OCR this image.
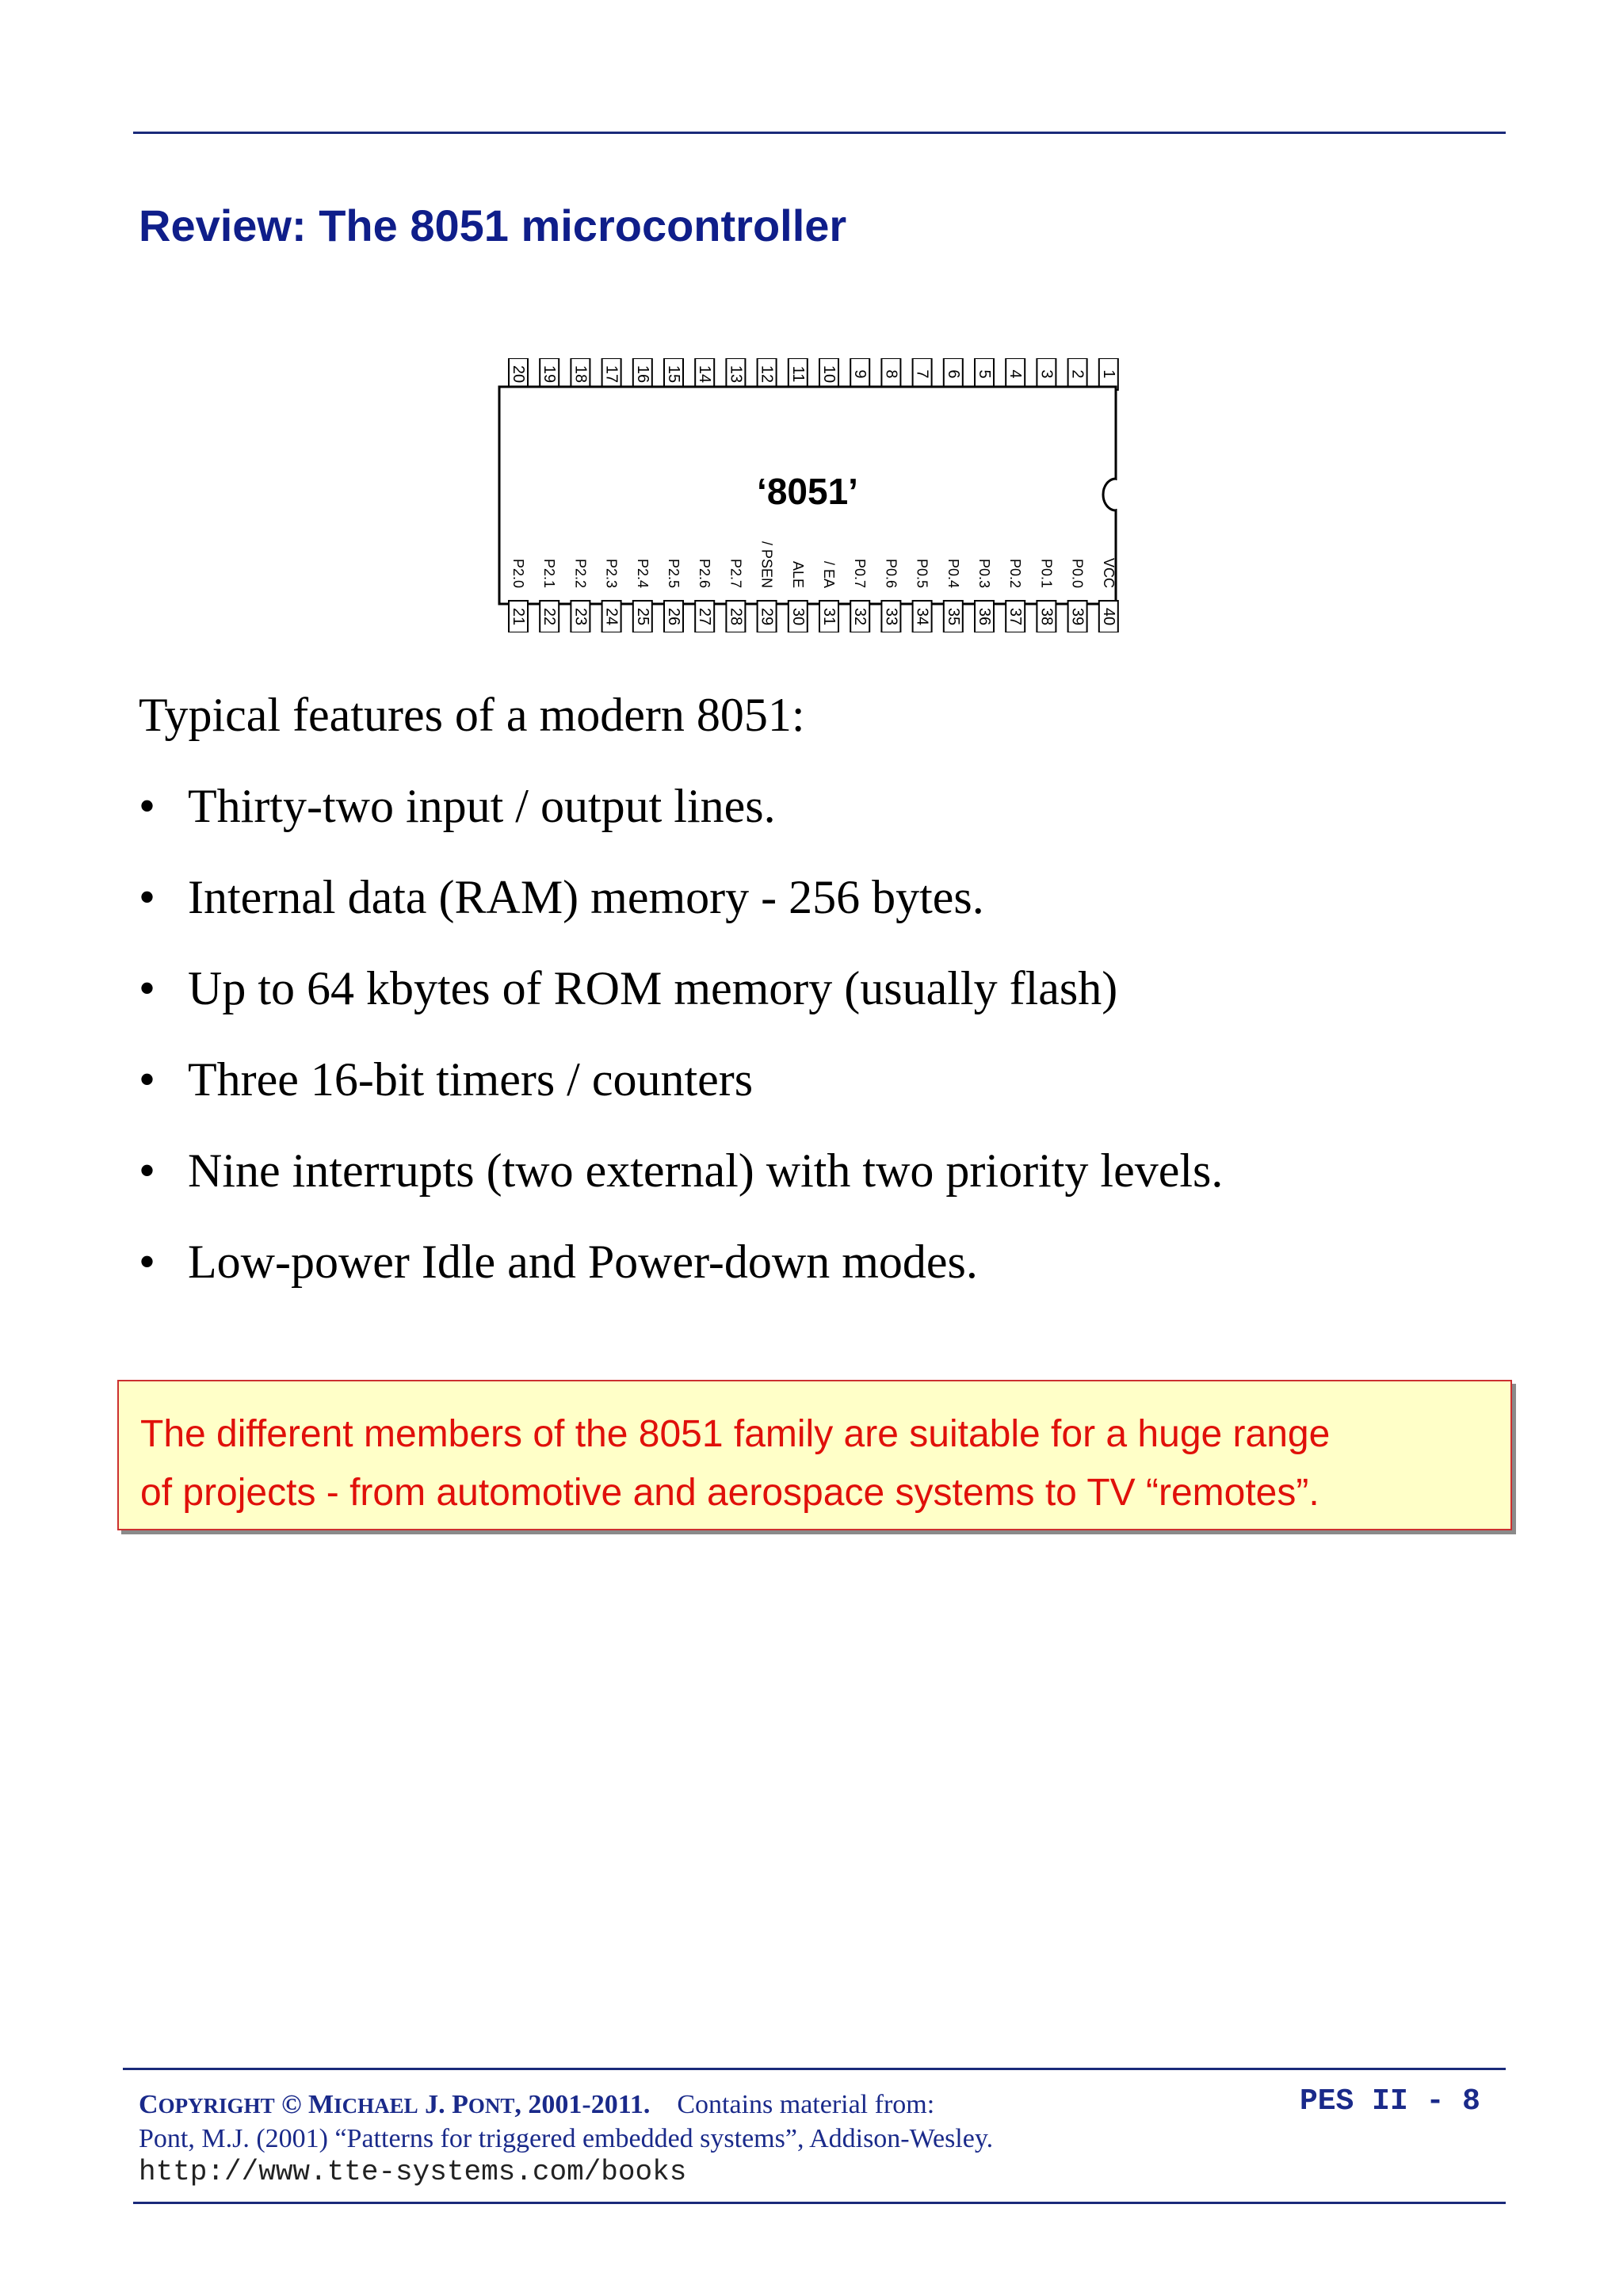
Review: The 8051 microcontroller
20 19 18 17 16 15 14 13 12 11 10 9 8 7 6 5 4 3 2 1
21
P2.0
22
P2.1
23
P2.2
24
P2.3
25
P2.4
26
P2.5
27
P2.6
28
P2.7
29
/ PSEN
30
ALE
31
/ EA
32
P0.7
33
P0.6
34
P0.5
35
P0.4
36
P0.3
37
P0.2
38
P0.1
39
P0.0
40
VCC
‘8051’

Typical features of a modern 8051:

• Thirty-two input / output lines.
• Internal data (RAM) memory - 256 bytes.
• Up to 64 kbytes of ROM memory (usually flash)
• Three 16-bit timers / counters
• Nine interrupts (two external) with two priority levels.
• Low-power Idle and Power-down modes.
The different members of the 8051 family are suitable for a huge range
of projects - from automotive and aerospace systems to TV “remotes”.
COPYRIGHT © MICHAEL J. PONT, 2001-2011. Contains material from:
Pont, M.J. (2001) “Patterns for triggered embedded systems”, Addison-Wesley.
http://www.tte-systems.com/books
PES II - 8
